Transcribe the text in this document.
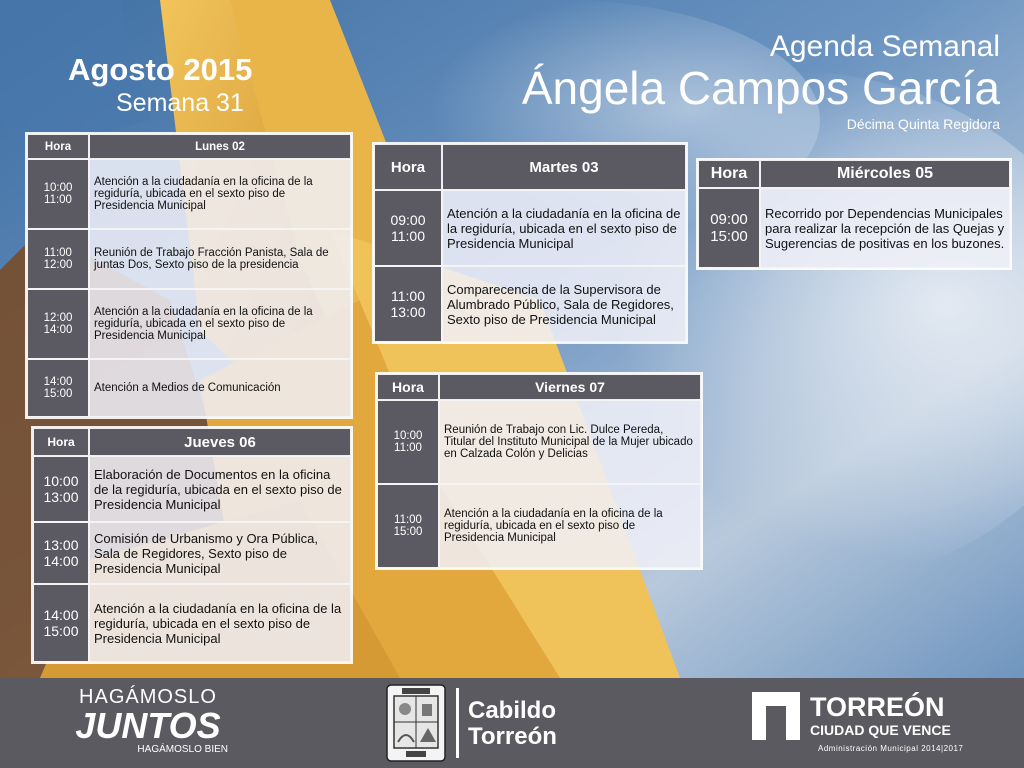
Agosto 2015
Semana 31
Agenda Semanal
Ángela Campos García
Décima Quinta Regidora
Hora	Lunes 02
10:00
11:00	Atención a la ciudadanía en la oficina de la regiduría, ubicada en el sexto piso de Presidencia Municipal
11:00
12:00	Reunión de Trabajo Fracción Panista, Sala de juntas Dos, Sexto piso de la presidencia
12:00
14:00	Atención a la ciudadanía en la oficina de la regiduría, ubicada en el sexto piso de Presidencia Municipal
14:00
15:00	Atención a Medios de Comunicación
Hora	Jueves 06
10:00
13:00	Elaboración de Documentos en la oficina de la regiduría, ubicada en el sexto piso de Presidencia Municipal
13:00
14:00	Comisión de Urbanismo y Ora Pública, Sala de Regidores, Sexto piso de Presidencia Municipal
14:00
15:00	Atención a la ciudadanía en la oficina de la regiduría, ubicada en el sexto piso de Presidencia Municipal
Hora	Martes 03
09:00
11:00	Atención a la ciudadanía en la oficina de la regiduría, ubicada en el sexto piso de Presidencia Municipal
11:00
13:00	Comparecencia de la Supervisora de Alumbrado Público, Sala de Regidores, Sexto piso de Presidencia Municipal
Hora	Miércoles 05
09:00
15:00	Recorrido por Dependencias Municipales para realizar la recepción de las Quejas y Sugerencias de positivas en los buzones.
Hora	Viernes 07
10:00
11:00	Reunión de Trabajo con Lic. Dulce Pereda, Titular del Instituto Municipal de la Mujer ubicado en Calzada Colón y Delicias
11:00
15:00	Atención a la ciudadanía en la oficina de la regiduría, ubicada en el sexto piso de Presidencia Municipal
HAGÁMOSLO
JUNTOS
HAGÁMOSLO BIEN
Cabildo
Torreón
TORREÓN
CIUDAD QUE VENCE
Administración Municipal 2014|2017
